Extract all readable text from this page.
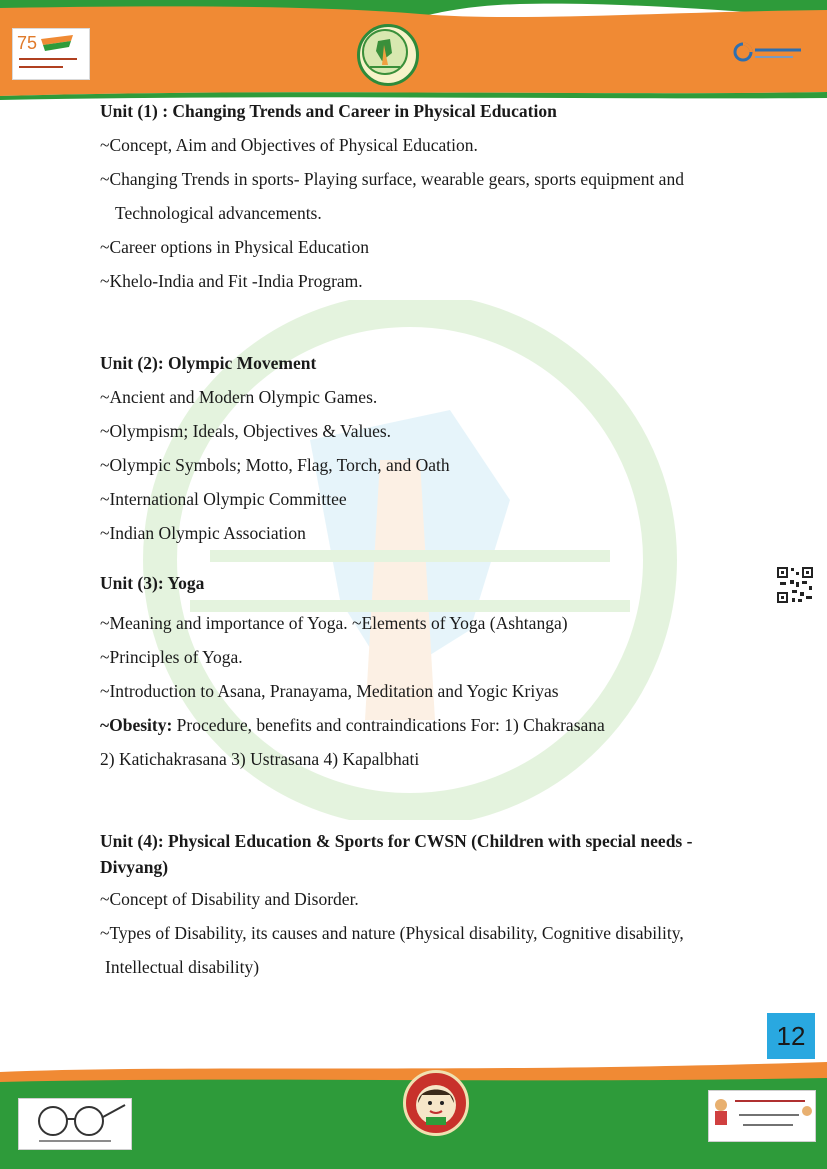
75

Unit (1) : Changing Trends and Career in Physical Education

~Concept, Aim and Objectives of Physical Education.

~Changing Trends in sports- Playing surface, wearable gears, sports equipment and

Technological advancements.

~Career options in Physical Education

~Khelo-India and Fit -India Program.

Unit (2): Olympic Movement

~Ancient and Modern Olympic Games.

~Olympism; Ideals, Objectives & Values.

~Olympic Symbols; Motto, Flag, Torch, and Oath

~International Olympic Committee

~Indian Olympic Association

Unit (3): Yoga

~Meaning and importance of Yoga. ~Elements of Yoga (Ashtanga)

~Principles of Yoga.

~Introduction to Asana, Pranayama, Meditation and Yogic Kriyas

~Obesity: Procedure, benefits and contraindications For: 1) Chakrasana

2) Katichakrasana 3) Ustrasana 4) Kapalbhati

Unit (4): Physical Education & Sports for CWSN (Children with special needs -

Divyang)

~Concept of Disability and Disorder.

~Types of Disability, its causes and nature (Physical disability, Cognitive disability,

Intellectual disability)

12
